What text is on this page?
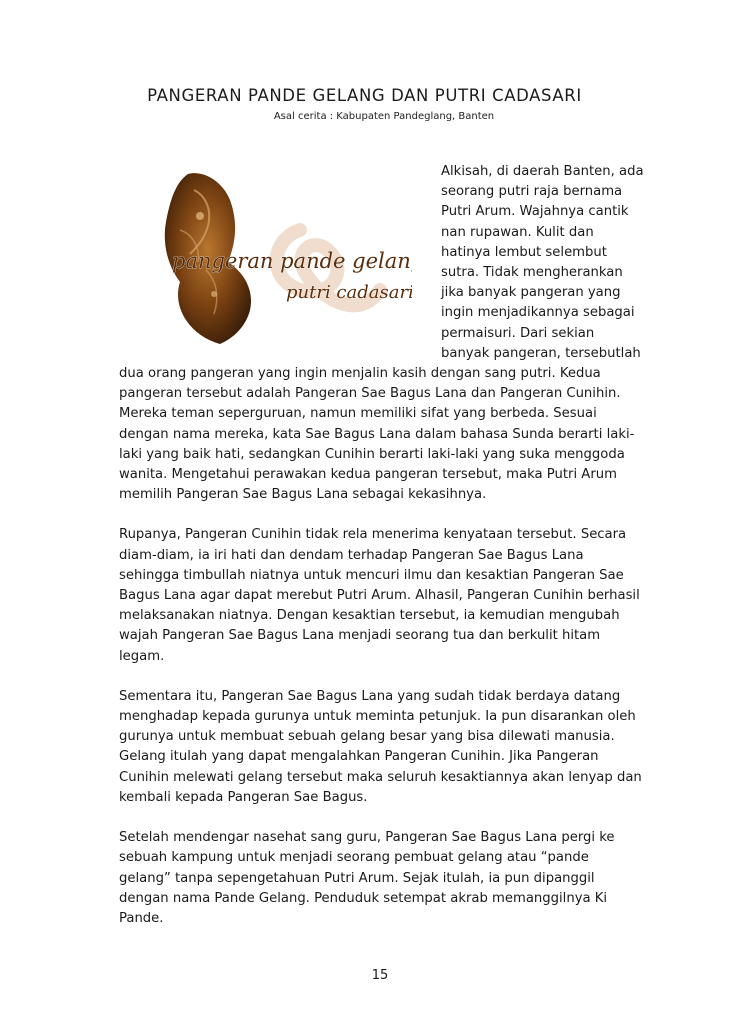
PANGERAN PANDE GELANG DAN PUTRI CADASARI
Asal cerita : Kabupaten Pandeglang, Banten
pangeran pande gelang
putri cadasari

Alkisah, di daerah Banten, ada seorang putri raja bernama Putri Arum. Wajahnya cantik nan rupawan. Kulit dan hatinya lembut selembut sutra. Tidak mengherankan jika banyak pangeran yang ingin menjadikannya sebagai permaisuri. Dari sekian banyak pangeran, tersebutlah dua orang pangeran yang ingin menjalin kasih dengan sang putri. Kedua pangeran tersebut adalah Pangeran Sae Bagus Lana dan Pangeran Cunihin. Mereka teman seperguruan, namun memiliki sifat yang berbeda. Sesuai dengan nama mereka, kata Sae Bagus Lana dalam bahasa Sunda berarti laki-laki yang baik hati, sedangkan Cunihin berarti laki-laki yang suka menggoda wanita. Mengetahui perawakan kedua pangeran tersebut, maka Putri Arum memilih Pangeran Sae Bagus Lana sebagai kekasihnya.

Rupanya, Pangeran Cunihin tidak rela menerima kenyataan tersebut. Secara diam-diam, ia iri hati dan dendam terhadap Pangeran Sae Bagus Lana sehingga timbullah niatnya untuk mencuri ilmu dan kesaktian Pangeran Sae Bagus Lana agar dapat merebut Putri Arum. Alhasil, Pangeran Cunihin berhasil melaksanakan niatnya. Dengan kesaktian tersebut, ia kemudian mengubah wajah Pangeran Sae Bagus Lana menjadi seorang tua dan berkulit hitam legam.

Sementara itu, Pangeran Sae Bagus Lana yang sudah tidak berdaya datang menghadap kepada gurunya untuk meminta petunjuk. Ia pun disarankan oleh gurunya untuk membuat sebuah gelang besar yang bisa dilewati manusia. Gelang itulah yang dapat mengalahkan Pangeran Cunihin. Jika Pangeran Cunihin melewati gelang tersebut maka seluruh kesaktiannya akan lenyap dan kembali kepada Pangeran Sae Bagus.

Setelah mendengar nasehat sang guru, Pangeran Sae Bagus Lana pergi ke sebuah kampung untuk menjadi seorang pembuat gelang atau “pande gelang” tanpa sepengetahuan Putri Arum. Sejak itulah, ia pun dipanggil dengan nama Pande Gelang. Penduduk setempat akrab memanggilnya Ki Pande.

15
